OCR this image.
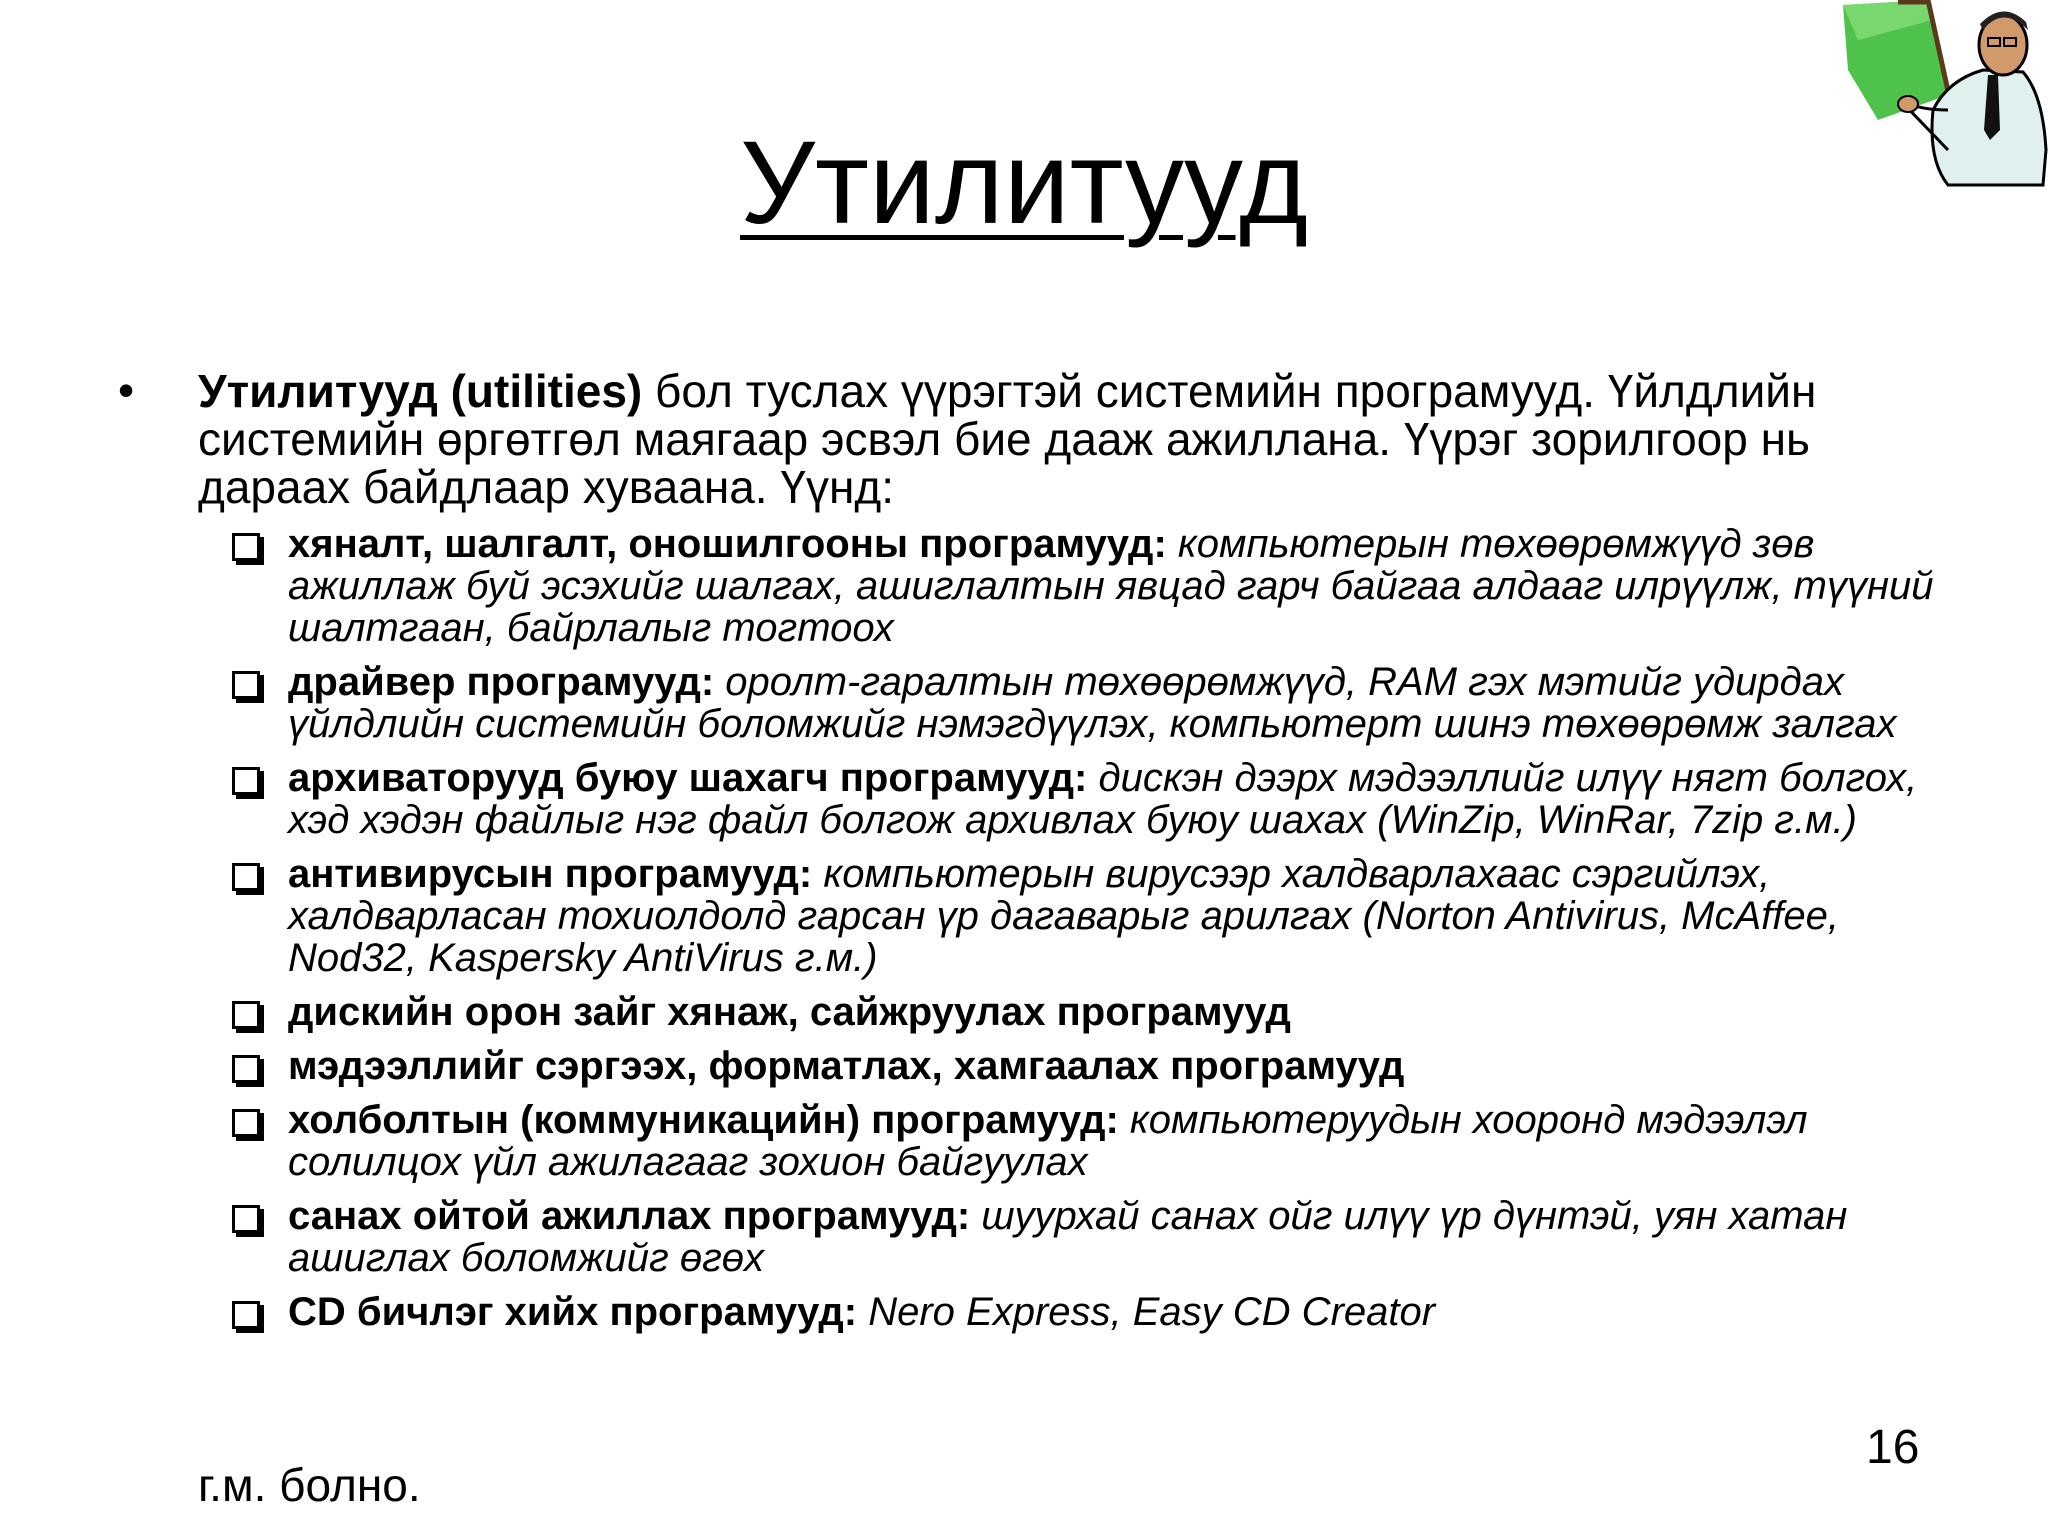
Утилитууд
• Утилитууд (utilities) бол туслах үүрэгтэй системийн програмууд. Үйлдлийн системийн өргөтгөл маягаар эсвэл бие дааж ажиллана. Үүрэг зорилгоор нь дараах байдлаар хуваана. Үүнд:
хяналт, шалгалт, оношилгооны програмууд: компьютерын төхөөрөмжүүд зөв ажиллаж буй эсэхийг шалгах, ашиглалтын явцад гарч байгаа алдааг илрүүлж, түүний шалтгаан, байрлалыг тогтоох
драйвер програмууд: оролт-гаралтын төхөөрөмжүүд, RAM гэх мэтийг удирдах үйлдлийн системийн боломжийг нэмэгдүүлэх, компьютерт шинэ төхөөрөмж залгах
архиваторууд буюу шахагч програмууд: дискэн дээрх мэдээллийг илүү нягт болгох, хэд хэдэн файлыг нэг файл болгож архивлах буюу шахах (WinZip, WinRar, 7zip г.м.)
антивирусын програмууд: компьютерын вирусээр халдварлахаас сэргийлэх, халдварласан тохиолдолд гарсан үр дагаварыг арилгах (Norton Antivirus, McAffee, Nod32, Kaspersky AntiVirus г.м.)
дискийн орон зайг хянаж, сайжруулах програмууд
мэдээллийг сэргээх, форматлах, хамгаалах програмууд
холболтын (коммуникацийн) програмууд: компьютеруудын хооронд мэдээлэл солилцох үйл ажилагааг зохион байгуулах
санах ойтой ажиллах програмууд: шуурхай санах ойг илүү үр дүнтэй, уян хатан ашиглах боломжийг өгөх
CD бичлэг хийх програмууд: Nero Express, Easy CD Creator
г.м. болно.
16
